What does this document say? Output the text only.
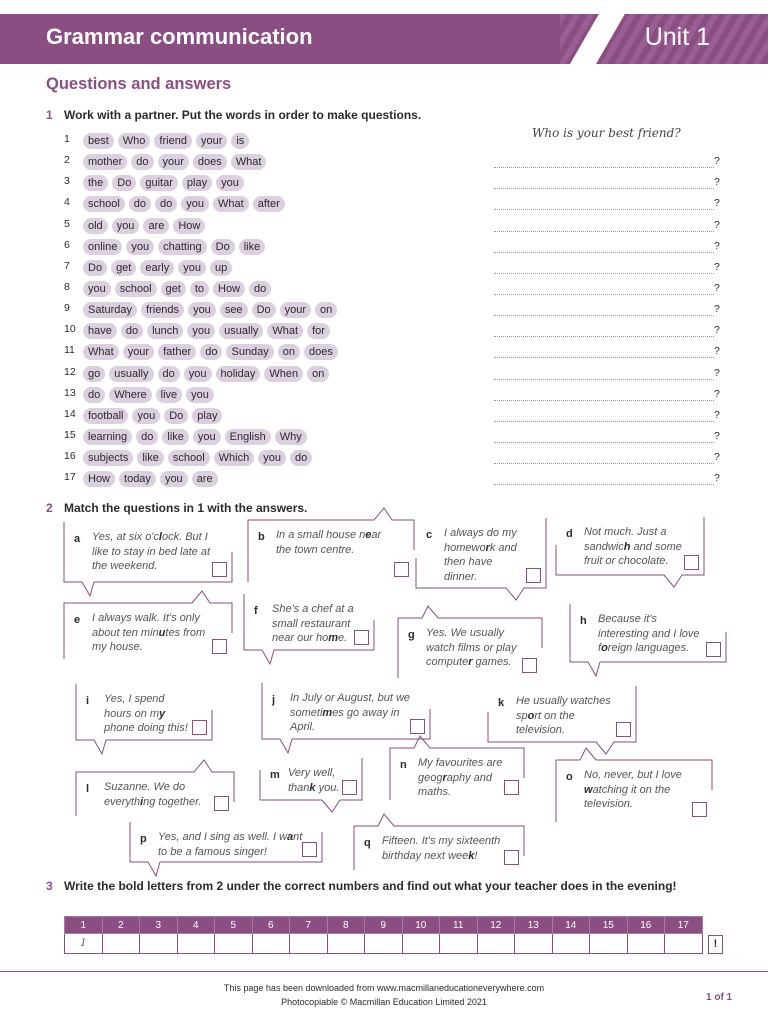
Grammar communication	Unit 1
Questions and answers
1 Work with a partner. Put the words in order to make questions.
1	best Who friend your is
Who is your best friend?
2	mother do your does What	?
3	the Do guitar play you	?
4	school do do you What after	?
5	old you are How	?
6	online you chatting Do like	?
7	Do get early you up	?
8	you school get to How do	?
9	Saturday friends you see Do your on	?
10	have do lunch you usually What for	?
11	What your father do Sunday on does	?
12	go usually do you holiday When on	?
13	do Where live you	?
14	football you Do play	?
15	learning do like you English Why	?
16	subjects like school Which you do	?
17	How today you are	?
2 Match the questions in 1 with the answers.
a Yes, at six o'clock. But I like to stay in bed late at the weekend.
b In a small house near the town centre.
c I always do my homework and then have dinner.
d Not much. Just a sandwich and some fruit or chocolate.
e I always walk. It's only about ten minutes from my house.
f She's a chef at a small restaurant near our home.	g Yes. We usually watch films or play computer games.
h Because it's interesting and I love foreign languages.
i Yes, I spend hours on my phone doing this!
j In July or August, but we sometimes go away in April.
k He usually watches sport on the television.
l Suzanne. We do everything together.
m Very well, thank you.
n My favourites are geography and maths.
o No, never, but I love watching it on the television.
p Yes, and I sing as well. I want to be a famous singer!
q Fifteen. It's my sixteenth birthday next week!
3 Write the bold letters from 2 under the correct numbers and find out what your teacher does in the evening!
1	2	3	4	5	6	7	8	9	10	11	12	13	14	15	16	17
I																	!
This page has been downloaded from www.macmillaneducationeverywhere.com
Photocopiable © Macmillan Education Limited 2021	1 of 1
